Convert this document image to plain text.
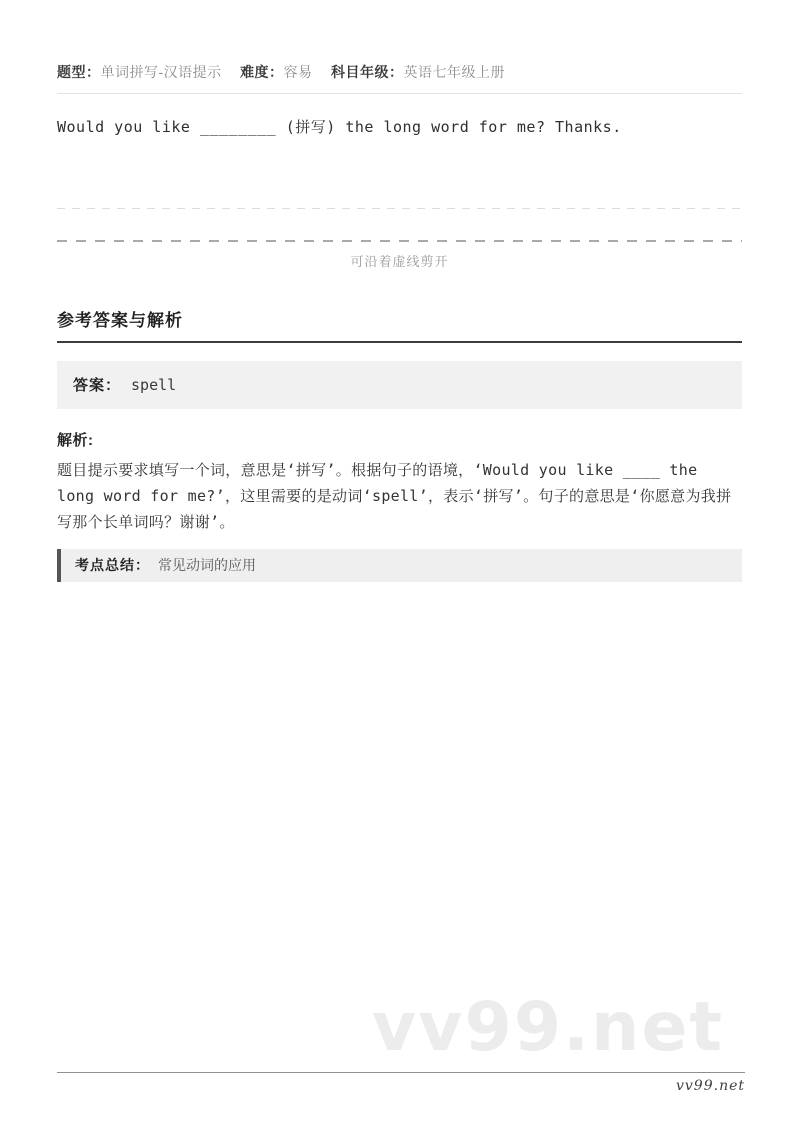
题型：单词拼写-汉语提示 难度：容易 科目年级：英语七年级上册

Would you like ________ (拼写) the long word for me? Thanks.

可沿着虚线剪开
参考答案与解析
答案： spell
解析:
题目提示要求填写一个词，意思是‘拼写’。根据句子的语境，‘Would you like ____ the long word for me?’，这里需要的是动词‘spell’，表示‘拼写’。句子的意思是‘你愿意为我拼写那个长单词吗？谢谢’。
考点总结： 常见动词的应用
vv99.net
vv99.net
